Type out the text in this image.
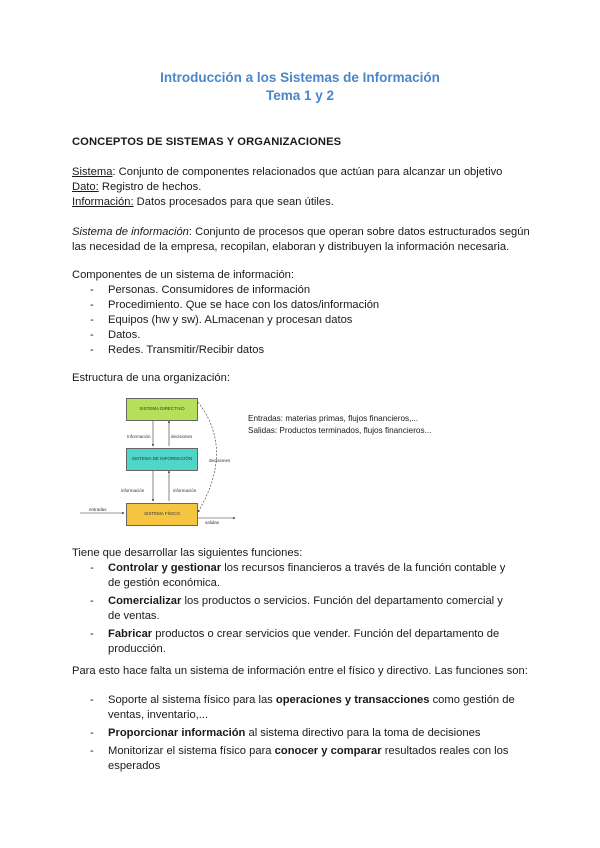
Introducción a los Sistemas de Información
Tema 1 y 2
CONCEPTOS DE SISTEMAS Y ORGANIZACIONES
Sistema: Conjunto de componentes relacionados que actúan para alcanzar un objetivo
Dato: Registro de hechos.
Información: Datos procesados para que sean útiles.
Sistema de información: Conjunto de procesos que operan sobre datos estructurados según las necesidad de la empresa, recopilan, elaboran y distribuyen la información necesaria.
Componentes de un sistema de información:
- Personas. Consumidores de información
- Procedimiento. Que se hace con los datos/información
- Equipos (hw y sw). ALmacenan y procesan datos
- Datos.
- Redes. Transmitir/Recibir datos
Estructura de una organización:
SISTEMA DIRECTIVO
SISTEMA DE INFORMACIÓN
SISTEMA FÍSICO
Información	decisiones
información	información
decisiones
entradas
salidas
Entradas: materias primas, flujos financieros,...
Salidas: Productos terminados, flujos financieros...
Tiene que desarrollar las siguientes funciones:
- Controlar y gestionar los recursos financieros a través de la función contable y de gestión económica.
- Comercializar los productos o servicios. Función del departamento comercial y de ventas.
- Fabricar productos o crear servicios que vender. Función del departamento de producción.
Para esto hace falta un sistema de información entre el físico y directivo. Las funciones son:
- Soporte al sistema físico para las operaciones y transacciones como gestión de ventas, inventario,...
- Proporcionar información al sistema directivo para la toma de decisiones
- Monitorizar el sistema físico para conocer y comparar resultados reales con los esperados
